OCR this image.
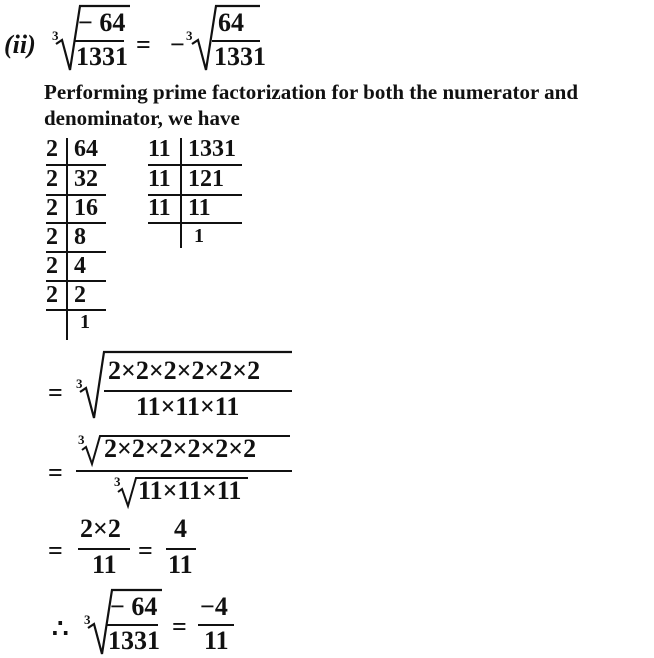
(ii) 3 − 64
1331 = − 3 64
1331
Performing prime factorization for both the numerator and
denominator, we have
2 64
2 32
2 16
2 8
2 4
2 2
1
11 1331
11 121
11 11
1
= 3 2×2×2×2×2×2
11×11×11
=
3 2×2×2×2×2×2
3 11×11×11
=
2×2
11 =
4
11
∴ 3 − 64
1331 =
−4
11
